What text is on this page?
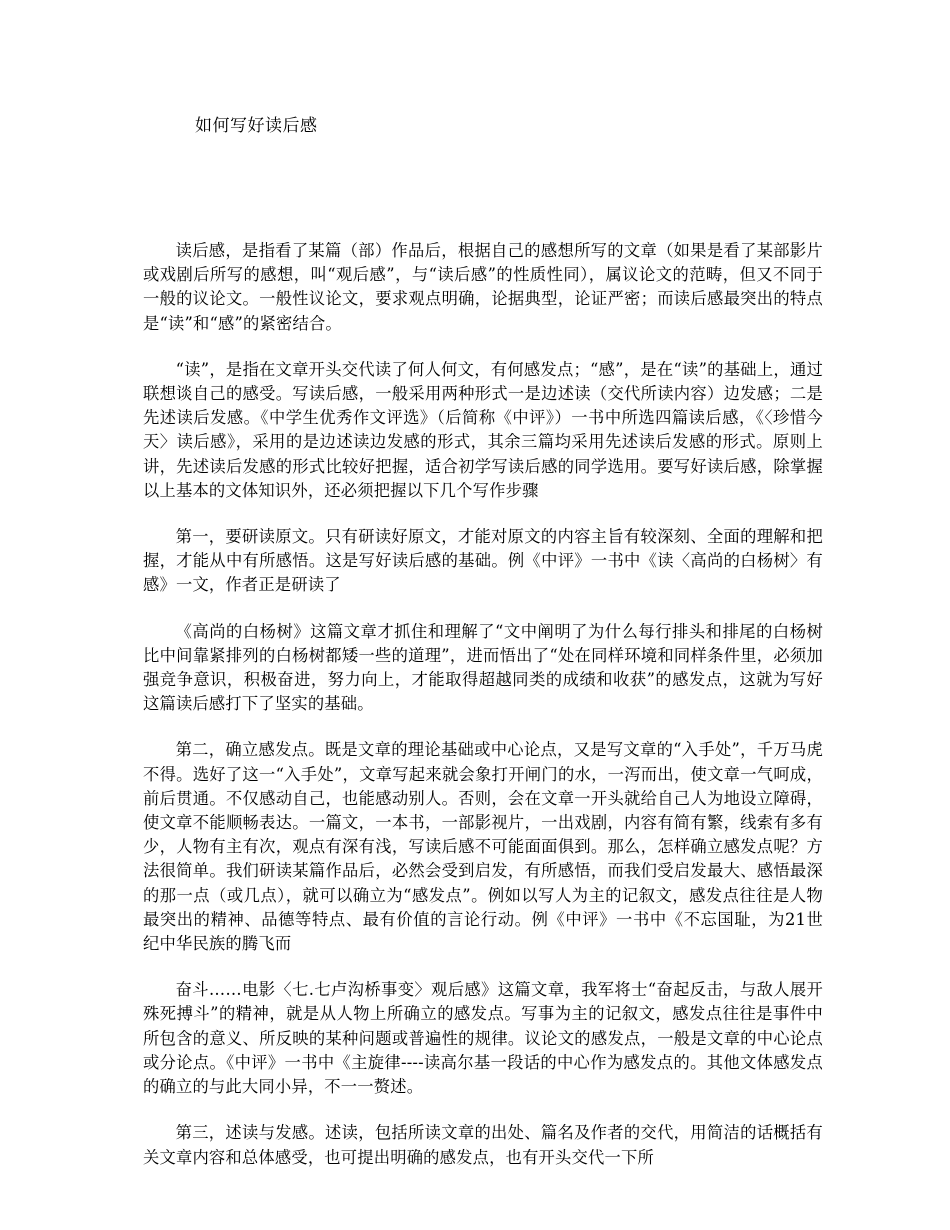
如何写好读后感

读后感，是指看了某篇（部）作品后，根据自己的感想所写的文章（如果是看了某部影片或戏剧后所写的感想，叫“观后感”，与“读后感”的性质性同），属议论文的范畴，但又不同于一般的议论文。一般性议论文，要求观点明确，论据典型，论证严密；而读后感最突出的特点是“读”和“感”的紧密结合。

“读”，是指在文章开头交代读了何人何文，有何感发点；“感”，是在“读”的基础上，通过联想谈自己的感受。写读后感，一般采用两种形式一是边述读（交代所读内容）边发感；二是先述读后发感。《中学生优秀作文评选》（后简称《中评》）一书中所选四篇读后感，《〈珍惜今天〉读后感》，采用的是边述读边发感的形式，其余三篇均采用先述读后发感的形式。原则上讲，先述读后发感的形式比较好把握，适合初学写读后感的同学选用。要写好读后感，除掌握以上基本的文体知识外，还必须把握以下几个写作步骤

第一，要研读原文。只有研读好原文，才能对原文的内容主旨有较深刻、全面的理解和把握，才能从中有所感悟。这是写好读后感的基础。例《中评》一书中《读〈高尚的白杨树〉有感》一文，作者正是研读了

《高尚的白杨树》这篇文章才抓住和理解了“文中阐明了为什么每行排头和排尾的白杨树比中间靠紧排列的白杨树都矮一些的道理”，进而悟出了“处在同样环境和同样条件里，必须加强竞争意识，积极奋进，努力向上，才能取得超越同类的成绩和收获”的感发点，这就为写好这篇读后感打下了坚实的基础。

第二，确立感发点。既是文章的理论基础或中心论点，又是写文章的“入手处”，千万马虎不得。选好了这一“入手处”，文章写起来就会象打开闸门的水，一泻而出，使文章一气呵成，前后贯通。不仅感动自己，也能感动别人。否则，会在文章一开头就给自己人为地设立障碍，使文章不能顺畅表达。一篇文，一本书，一部影视片，一出戏剧，内容有简有繁，线索有多有少，人物有主有次，观点有深有浅，写读后感不可能面面俱到。那么，怎样确立感发点呢？方法很简单。我们研读某篇作品后，必然会受到启发，有所感悟，而我们受启发最大、感悟最深的那一点（或几点），就可以确立为“感发点”。例如以写人为主的记叙文，感发点往往是人物最突出的精神、品德等特点、最有价值的言论行动。例《中评》一书中《不忘国耻，为21世纪中华民族的腾飞而

奋斗……电影〈七.七卢沟桥事变〉观后感》这篇文章，我军将士“奋起反击，与敌人展开殊死搏斗”的精神，就是从人物上所确立的感发点。写事为主的记叙文，感发点往往是事件中所包含的意义、所反映的某种问题或普遍性的规律。议论文的感发点，一般是文章的中心论点或分论点。《中评》一书中《主旋律----读高尔基一段话的中心作为感发点的。其他文体感发点的确立的与此大同小异，不一一赘述。

第三，述读与发感。述读，包括所读文章的出处、篇名及作者的交代，用简洁的话概括有关文章内容和总体感受，也可提出明确的感发点，也有开头交代一下所
